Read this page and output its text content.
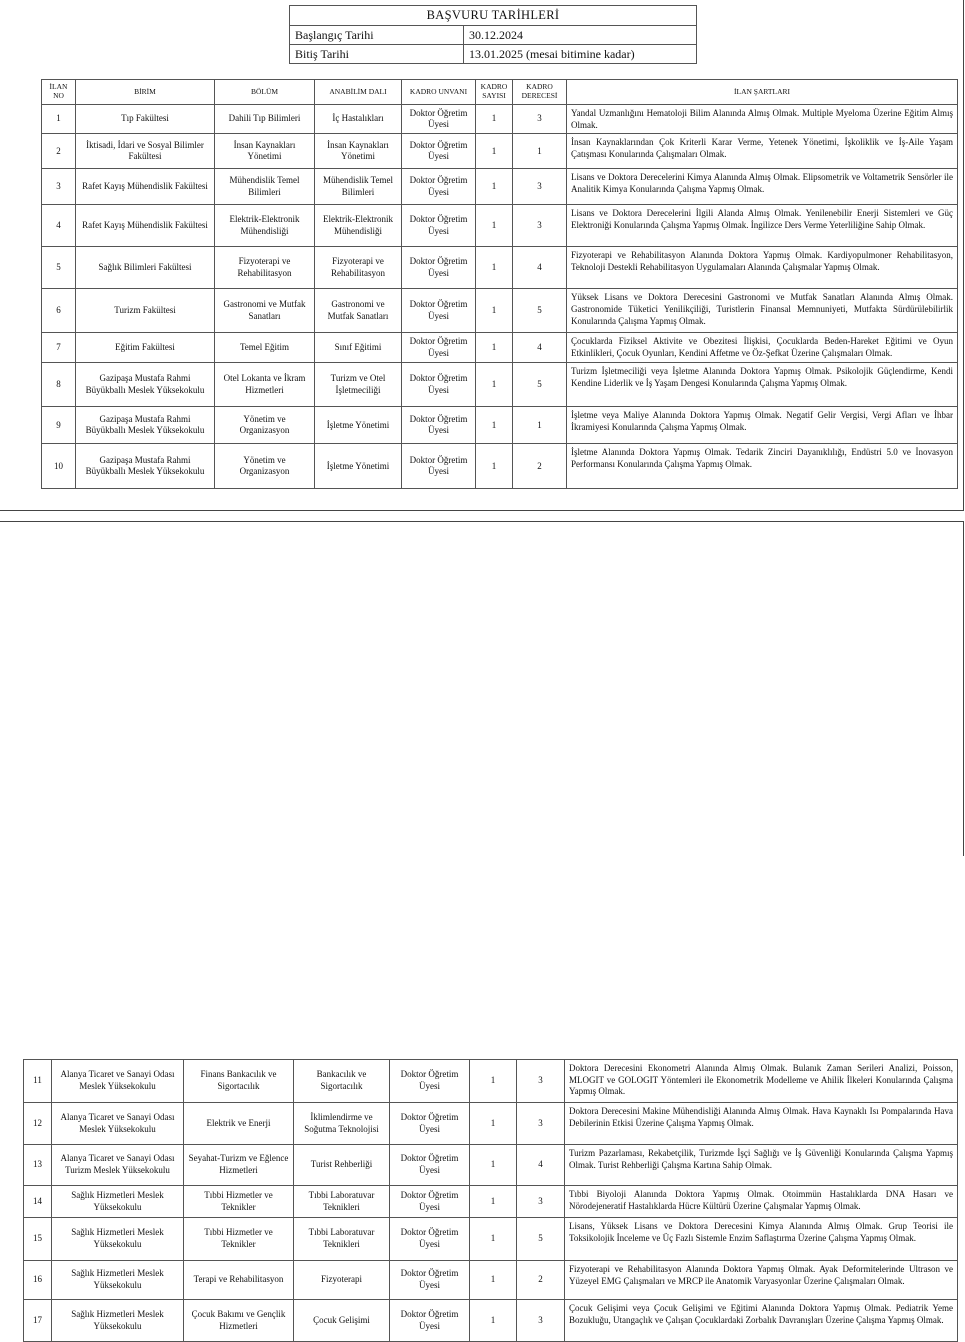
BAŞVURU TARİHLERİ	
Başlangıç Tarihi	30.12.2024
Bitiş Tarihi	13.01.2025 (mesai bitimine kadar)
İLAN NO	BİRİM	BÖLÜM	ANABİLİM DALI	KADRO UNVANI	KADRO SAYISI	KADRO DERECESİ	İLAN ŞARTLARI
1	Tıp Fakültesi	Dahili Tıp Bilimleri	İç Hastalıkları	Doktor Öğretim Üyesi	1	3	Yandal Uzmanlığını Hematoloji Bilim Alanında Almış Olmak. Multiple Myeloma Üzerine Eğitim Almış Olmak.
2	İktisadi, İdari ve Sosyal Bilimler Fakültesi	İnsan Kaynakları Yönetimi	İnsan Kaynakları Yönetimi	Doktor Öğretim Üyesi	1	1	İnsan Kaynaklarından Çok Kriterli Karar Verme, Yetenek Yönetimi, İşkoliklik ve İş-Aile Yaşam Çatışması Konularında Çalışmaları Olmak.
3	Rafet Kayış Mühendislik Fakültesi	Mühendislik Temel Bilimleri	Mühendislik Temel Bilimleri	Doktor Öğretim Üyesi	1	3	Lisans ve Doktora Derecelerini Kimya Alanında Almış Olmak. Elipsometrik ve Voltametrik Sensörler ile Analitik Kimya Konularında Çalışma Yapmış Olmak.
4	Rafet Kayış Mühendislik Fakültesi	Elektrik-Elektronik Mühendisliği	Elektrik-Elektronik Mühendisliği	Doktor Öğretim Üyesi	1	3	Lisans ve Doktora Derecelerini İlgili Alanda Almış Olmak. Yenilenebilir Enerji Sistemleri ve Güç Elektroniği Konularında Çalışma Yapmış Olmak. İngilizce Ders Verme Yeterliliğine Sahip Olmak.
5	Sağlık Bilimleri Fakültesi	Fizyoterapi ve Rehabilitasyon	Fizyoterapi ve Rehabilitasyon	Doktor Öğretim Üyesi	1	4	Fizyoterapi ve Rehabilitasyon Alanında Doktora Yapmış Olmak. Kardiyopulmoner Rehabilitasyon, Teknoloji Destekli Rehabilitasyon Uygulamaları Alanında Çalışmalar Yapmış Olmak.
6	Turizm Fakültesi	Gastronomi ve Mutfak Sanatları	Gastronomi ve Mutfak Sanatları	Doktor Öğretim Üyesi	1	5	Yüksek Lisans ve Doktora Derecesini Gastronomi ve Mutfak Sanatları Alanında Almış Olmak. Gastronomide Tüketici Yenilikçiliği, Turistlerin Finansal Memnuniyeti, Mutfakta Sürdürülebilirlik Konularında Çalışma Yapmış Olmak.
7	Eğitim Fakültesi	Temel Eğitim	Sınıf Eğitimi	Doktor Öğretim Üyesi	1	4	Çocuklarda Fiziksel Aktivite ve Obezitesi İlişkisi, Çocuklarda Beden-Hareket Eğitimi ve Oyun Etkinlikleri, Çocuk Oyunları, Kendini Affetme ve Öz-Şefkat Üzerine Çalışmaları Olmak.
8	Gazipaşa Mustafa Rahmi Büyükballı Meslek Yüksekokulu	Otel Lokanta ve İkram Hizmetleri	Turizm ve Otel İşletmeciliği	Doktor Öğretim Üyesi	1	5	Turizm İşletmeciliği veya İşletme Alanında Doktora Yapmış Olmak. Psikolojik Güçlendirme, Kendi Kendine Liderlik ve İş Yaşam Dengesi Konularında Çalışma Yapmış Olmak.
9	Gazipaşa Mustafa Rahmi Büyükballı Meslek Yüksekokulu	Yönetim ve Organizasyon	İşletme Yönetimi	Doktor Öğretim Üyesi	1	1	İşletme veya Maliye Alanında Doktora Yapmış Olmak. Negatif Gelir Vergisi, Vergi Afları ve İhbar İkramiyesi Konularında Çalışma Yapmış Olmak.
10	Gazipaşa Mustafa Rahmi Büyükballı Meslek Yüksekokulu	Yönetim ve Organizasyon	İşletme Yönetimi	Doktor Öğretim Üyesi	1	2	İşletme Alanında Doktora Yapmış Olmak. Tedarik Zinciri Dayanıklılığı, Endüstri 5.0 ve İnovasyon Performansı Konularında Çalışma Yapmış Olmak.
11	Alanya Ticaret ve Sanayi Odası Meslek Yüksekokulu	Finans Bankacılık ve Sigortacılık	Bankacılık ve Sigortacılık	Doktor Öğretim Üyesi	1	3	Doktora Derecesini Ekonometri Alanında Almış Olmak. Bulanık Zaman Serileri Analizi, Poisson, MLOGIT ve GOLOGIT Yöntemleri ile Ekonometrik Modelleme ve Ahilik İlkeleri Konularında Çalışma Yapmış Olmak.
12	Alanya Ticaret ve Sanayi Odası Meslek Yüksekokulu	Elektrik ve Enerji	İklimlendirme ve Soğutma Teknolojisi	Doktor Öğretim Üyesi	1	3	Doktora Derecesini Makine Mühendisliği Alanında Almış Olmak. Hava Kaynaklı Isı Pompalarında Hava Debilerinin Etkisi Üzerine Çalışma Yapmış Olmak.
13	Alanya Ticaret ve Sanayi Odası Turizm Meslek Yüksekokulu	Seyahat-Turizm ve Eğlence Hizmetleri	Turist Rehberliği	Doktor Öğretim Üyesi	1	4	Turizm Pazarlaması, Rekabetçilik, Turizmde İşçi Sağlığı ve İş Güvenliği Konularında Çalışma Yapmış Olmak. Turist Rehberliği Çalışma Kartına Sahip Olmak.
14	Sağlık Hizmetleri Meslek Yüksekokulu	Tıbbi Hizmetler ve Teknikler	Tıbbi Laboratuvar Teknikleri	Doktor Öğretim Üyesi	1	3	Tıbbi Biyoloji Alanında Doktora Yapmış Olmak. Otoimmün Hastalıklarda DNA Hasarı ve Nörodejeneratif Hastalıklarda Hücre Kültürü Üzerine Çalışmalar Yapmış Olmak.
15	Sağlık Hizmetleri Meslek Yüksekokulu	Tıbbi Hizmetler ve Teknikler	Tıbbi Laboratuvar Teknikleri	Doktor Öğretim Üyesi	1	5	Lisans, Yüksek Lisans ve Doktora Derecesini Kimya Alanında Almış Olmak. Grup Teorisi ile Toksikolojik İnceleme ve Üç Fazlı Sistemle Enzim Saflaştırma Üzerine Çalışma Yapmış Olmak.
16	Sağlık Hizmetleri Meslek Yüksekokulu	Terapi ve Rehabilitasyon	Fizyoterapi	Doktor Öğretim Üyesi	1	2	Fizyoterapi ve Rehabilitasyon Alanında Doktora Yapmış Olmak. Ayak Deformitelerinde Ultrason ve Yüzeyel EMG Çalışmaları ve MRCP ile Anatomik Varyasyonlar Üzerine Çalışmaları Olmak.
17	Sağlık Hizmetleri Meslek Yüksekokulu	Çocuk Bakımı ve Gençlik Hizmetleri	Çocuk Gelişimi	Doktor Öğretim Üyesi	1	3	Çocuk Gelişimi veya Çocuk Gelişimi ve Eğitimi Alanında Doktora Yapmış Olmak. Pediatrik Yeme Bozukluğu, Utangaçlık ve Çalışan Çocuklardaki Zorbalık Davranışları Üzerine Çalışma Yapmış Olmak.
